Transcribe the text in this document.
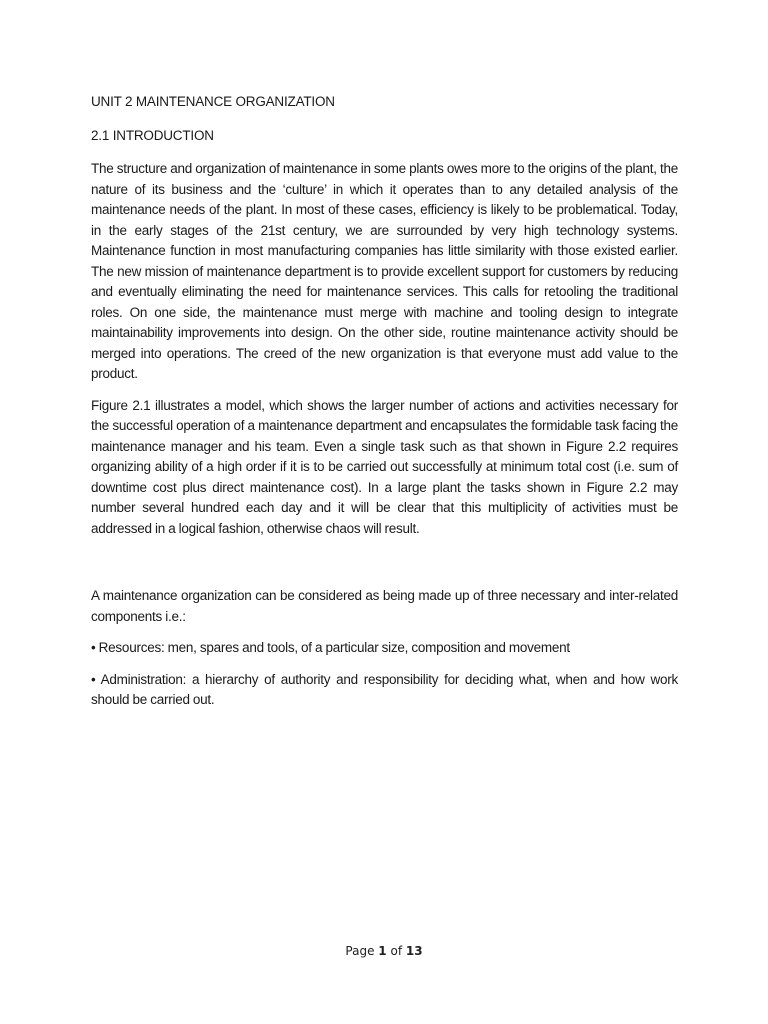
UNIT 2 MAINTENANCE ORGANIZATION
2.1 INTRODUCTION

The structure and organization of maintenance in some plants owes more to the origins of the plant, the nature of its business and the ‘culture’ in which it operates than to any detailed analysis of the maintenance needs of the plant. In most of these cases, efficiency is likely to be problematical. Today, in the early stages of the 21st century, we are surrounded by very high technology systems. Maintenance function in most manufacturing companies has little similarity with those existed earlier. The new mission of maintenance department is to provide excellent support for customers by reducing and eventually eliminating the need for maintenance services. This calls for retooling the traditional roles. On one side, the maintenance must merge with machine and tooling design to integrate maintainability improvements into design. On the other side, routine maintenance activity should be merged into operations. The creed of the new organization is that everyone must add value to the product.

Figure 2.1 illustrates a model, which shows the larger number of actions and activities necessary for the successful operation of a maintenance department and encapsulates the formidable task facing the maintenance manager and his team. Even a single task such as that shown in Figure 2.2 requires organizing ability of a high order if it is to be carried out successfully at minimum total cost (i.e. sum of downtime cost plus direct maintenance cost). In a large plant the tasks shown in Figure 2.2 may number several hundred each day and it will be clear that this multiplicity of activities must be addressed in a logical fashion, otherwise chaos will result.

A maintenance organization can be considered as being made up of three necessary and inter-related components i.e.:

• Resources: men, spares and tools, of a particular size, composition and movement

• Administration: a hierarchy of authority and responsibility for deciding what, when and how work should be carried out.

Page 1 of 13
